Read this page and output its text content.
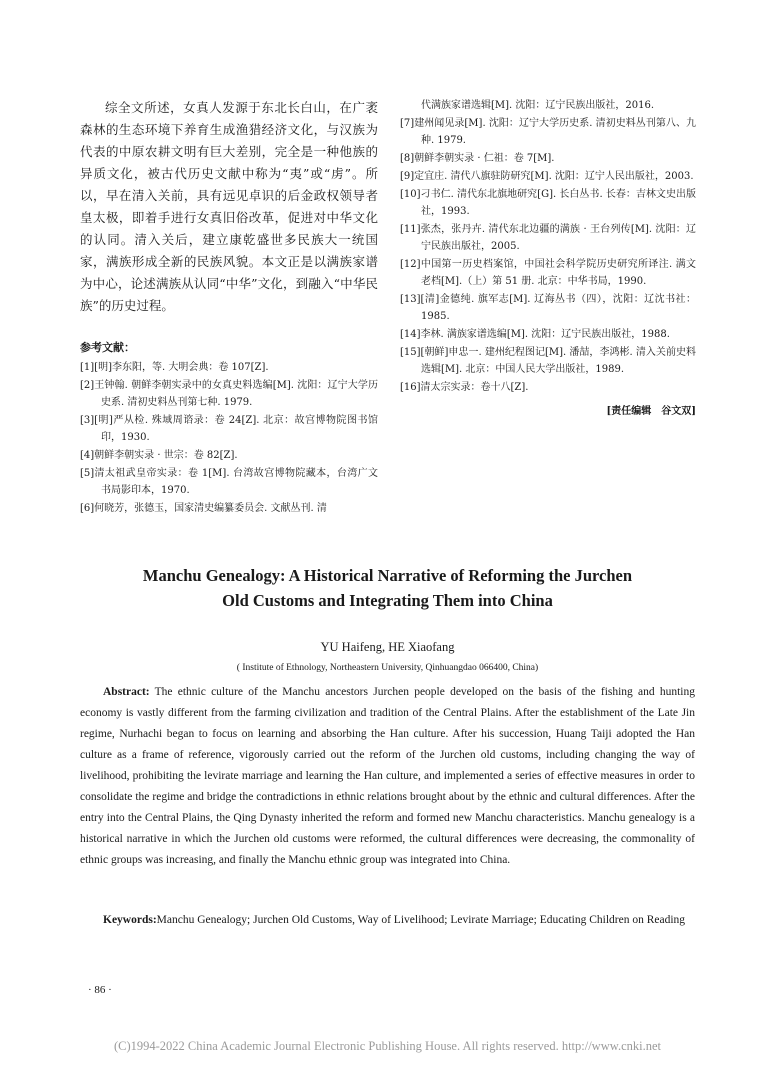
综全文所述，女真人发源于东北长白山，在广袤森林的生态环境下养育生成渔猎经济文化，与汉族为代表的中原农耕文明有巨大差别，完全是一种他族的异质文化，被古代历史文献中称为“夷”或“虏”。所以，早在清入关前，具有远见卓识的后金政权领导者皇太极，即着手进行女真旧俗改革，促进对中华文化的认同。清入关后，建立康乾盛世多民族大一统国家，满族形成全新的民族风貌。本文正是以满族家谱为中心，论述满族从认同“中华”文化，到融入“中华民族”的历史过程。

参考文献：

[1][明]李东阳，等. 大明会典：卷 107[Z].

[2]王钟翰. 朝鲜李朝实录中的女真史料选编[M]. 沈阳：辽宁大学历史系. 清初史料丛刊第七种. 1979.

[3][明]严从检. 殊域周谘录：卷 24[Z]. 北京：故宫博物院图书馆印，1930.

[4]朝鲜李朝实录 · 世宗：卷 82[Z].

[5]清太祖武皇帝实录：卷 1[M]. 台湾故宫博物院藏本，台湾广文书局影印本，1970.

[6]何晓芳，张德玉，国家清史编纂委员会. 文献丛刊. 清

代满族家谱选辑[M]. 沈阳：辽宁民族出版社，2016.

[7]建州闻见录[M]. 沈阳：辽宁大学历史系. 清初史料丛刊第八、九种. 1979.

[8]朝鲜李朝实录 · 仁祖：卷 7[M].

[9]定宜庄. 清代八旗驻防研究[M]. 沈阳：辽宁人民出版社，2003.

[10]刁书仁. 清代东北旗地研究[G]. 长白丛书. 长春：吉林文史出版社，1993.

[11]张杰，张丹卉. 清代东北边疆的满族 · 王台列传[M]. 沈阳：辽宁民族出版社，2005.

[12]中国第一历史档案馆，中国社会科学院历史研究所译注. 满文老档[M].（上）第 51 册. 北京：中华书局，1990.

[13][清]金德纯. 旗军志[M]. 辽海丛书（四），沈阳：辽沈书社：1985.

[14]李林. 满族家谱选编[M]. 沈阳：辽宁民族出版社，1988.

[15][朝鲜]申忠一. 建州纪程图记[M]. 潘喆，李鸿彬. 清入关前史料选辑[M]. 北京：中国人民大学出版社，1989.

[16]清太宗实录：卷十八[Z].

[责任编辑　谷文双]
Manchu Genealogy: A Historical Narrative of Reforming the Jurchen
Old Customs and Integrating Them into China
YU Haifeng, HE Xiaofang
( Institute of Ethnology, Northeastern University, Qinhuangdao 066400, China)

Abstract: The ethnic culture of the Manchu ancestors Jurchen people developed on the basis of the fishing and hunting economy is vastly different from the farming civilization and tradition of the Central Plains. After the establishment of the Late Jin regime, Nurhachi began to focus on learning and absorbing the Han culture. After his succession, Huang Taiji adopted the Han culture as a frame of reference, vigorously carried out the reform of the Jurchen old customs, including changing the way of livelihood, prohibiting the levirate marriage and learning the Han culture, and implemented a series of effective measures in order to consolidate the regime and bridge the contradictions in ethnic relations brought about by the ethnic and cultural differences. After the entry into the Central Plains, the Qing Dynasty inherited the reform and formed new Manchu characteristics. Manchu genealogy is a historical narrative in which the Jurchen old customs were reformed, the cultural differences were decreasing, the commonality of ethnic groups was increasing, and finally the Manchu ethnic group was integrated into China.

Keywords:Manchu Genealogy; Jurchen Old Customs, Way of Livelihood; Levirate Marriage; Educating Children on Reading

· 86 ·
(C)1994-2022 China Academic Journal Electronic Publishing House. All rights reserved. http://www.cnki.net
